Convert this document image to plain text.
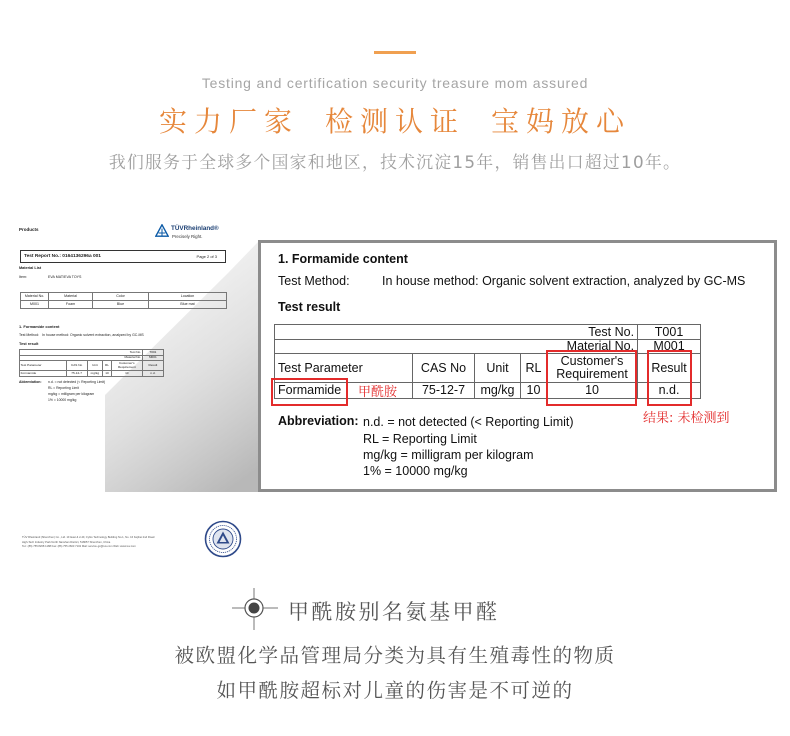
Testing and certification security treasure mom assured
实力厂家 检测认证 宝妈放心
我们服务于全球多个国家和地区，技术沉淀15年，销售出口超过10年。
Products	TÜVRheinland®
Precisely Right.
Test Report No.: 0164136296a 001	Page 2 of 3
Material List
Item:	EVA MAT/EVA TOYS
Material No.	Material	Color	Location
M001	Foam	Blue	Blue mat
1. Formamide content
Test Method: In house method: Organic solvent extraction, analyzed by GC-MS
Test result
Test No.					T001
Material No.					M001
Test Parameter	CAS No	Unit	RL	Customer's Requirement	Result
Formamide	75-12-7	mg/kg	10	10	n.d.
Abbreviation: n.d. = not detected (< Reporting Limit)
RL = Reporting Limit
mg/kg = milligram per kilogram
1% = 10000 mg/kg
TÜV Rheinland (Shenzhen) Co., Ltd. 1F East & 2-4F, Cybio Technology Building No.1, No. 16 Kejibei 2nd Road
High-Tech Industry Park North Nanshan District, 518057 Shenzhen, China
Tel.: (86) 755 8268 1188 Fax: (86) 755 2603 7102 Mail: service-gc@tuv.com Web: www.tuv.com
1. Formamide content
Test Method:	In house method: Organic solvent extraction, analyzed by GC-MS
Test result
Test No.					T001
Material No.					M001
Test Parameter	CAS No	Unit	RL	Customer's Requirement	Result
Formamide	75-12-7	mg/kg	10	10	n.d.
甲酰胺
结果: 未检测到
Abbreviation: n.d. = not detected (< Reporting Limit)
RL = Reporting Limit
mg/kg = milligram per kilogram
1% = 10000 mg/kg
甲酰胺别名氨基甲醛
被欧盟化学品管理局分类为具有生殖毒性的物质
如甲酰胺超标对儿童的伤害是不可逆的
